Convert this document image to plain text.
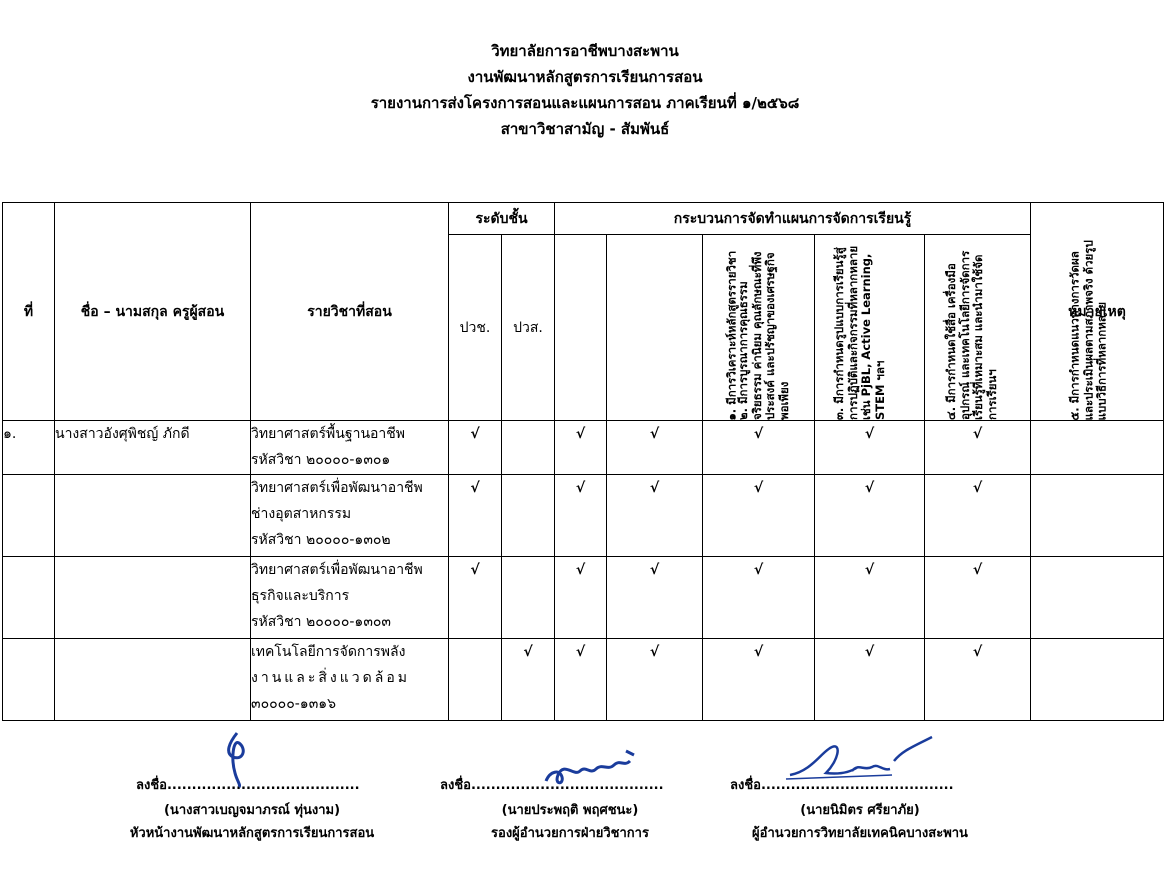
วิทยาลัยการอาชีพบางสะพาน
งานพัฒนาหลักสูตรการเรียนการสอน
รายงานการส่งโครงการสอนและแผนการสอน ภาคเรียนที่ ๑/๒๕๖๘
สาขาวิชาสามัญ - สัมพันธ์
ที่	ชื่อ – นามสกุล ครูผู้สอน	รายวิชาที่สอน	ระดับชั้น		กระบวนการจัดทำแผนการจัดการเรียนรู้					หมายเหตุ
			ปวช.	ปวส.	๑. มีการวิเคราะห์หลักสูตรรายวิชา	๒. มีการบูรณาการคุณธรรม จริยธรรม ค่านิยม คุณลักษณะที่พึงประสงค์ และปรัชญาของเศรษฐกิจพอเพียง	๓. มีการกำหนดรูปแบบการเรียนรู้สู่การปฏิบัติและกิจกรรมที่หลากหลาย เช่น PjBL, Active Learning, STEM ฯลฯ	๔. มีการกำหนดใช้สื่อ เครื่องมือ อุปกรณ์ และเทคโนโลยีการจัดการเรียนรู้ที่เหมาะสม และนำมาใช้จัดการเรียนฯ	๕. มีการกำหนดแนวทางการวัดผลและประเมินผลตามสภาพจริง ด้วยรูปแบบวิธีการที่หลากหลาย	

๑.	นางสาวอังศุพิชญ์ ภักดี	วิทยาศาสตร์พื้นฐานอาชีพ
รหัสวิชา ๒๐๐๐๐-๑๓๐๑	√		√	√	√	√	√	

		วิทยาศาสตร์เพื่อพัฒนาอาชีพ
ช่างอุตสาหกรรม
รหัสวิชา ๒๐๐๐๐-๑๓๐๒	√		√	√	√	√	√	

		วิทยาศาสตร์เพื่อพัฒนาอาชีพ
ธุรกิจและบริการ
รหัสวิชา ๒๐๐๐๐-๑๓๐๓	√		√	√	√	√	√	

		เทคโนโลยีการจัดการพลัง
งานและสิ่งแวดล้อม
๓๐๐๐๐-๑๓๑๖		√	√	√	√	√	√	
ลงชื่อ.......................................
(นางสาวเบญจมาภรณ์ ทุ่นงาม)
หัวหน้างานพัฒนาหลักสูตรการเรียนการสอน
ลงชื่อ.......................................
(นายประพฤติ พฤศชนะ)
รองผู้อำนวยการฝ่ายวิชาการ
ลงชื่อ.......................................
(นายนิมิตร ศรียาภัย)
ผู้อำนวยการวิทยาลัยเทคนิคบางสะพาน
